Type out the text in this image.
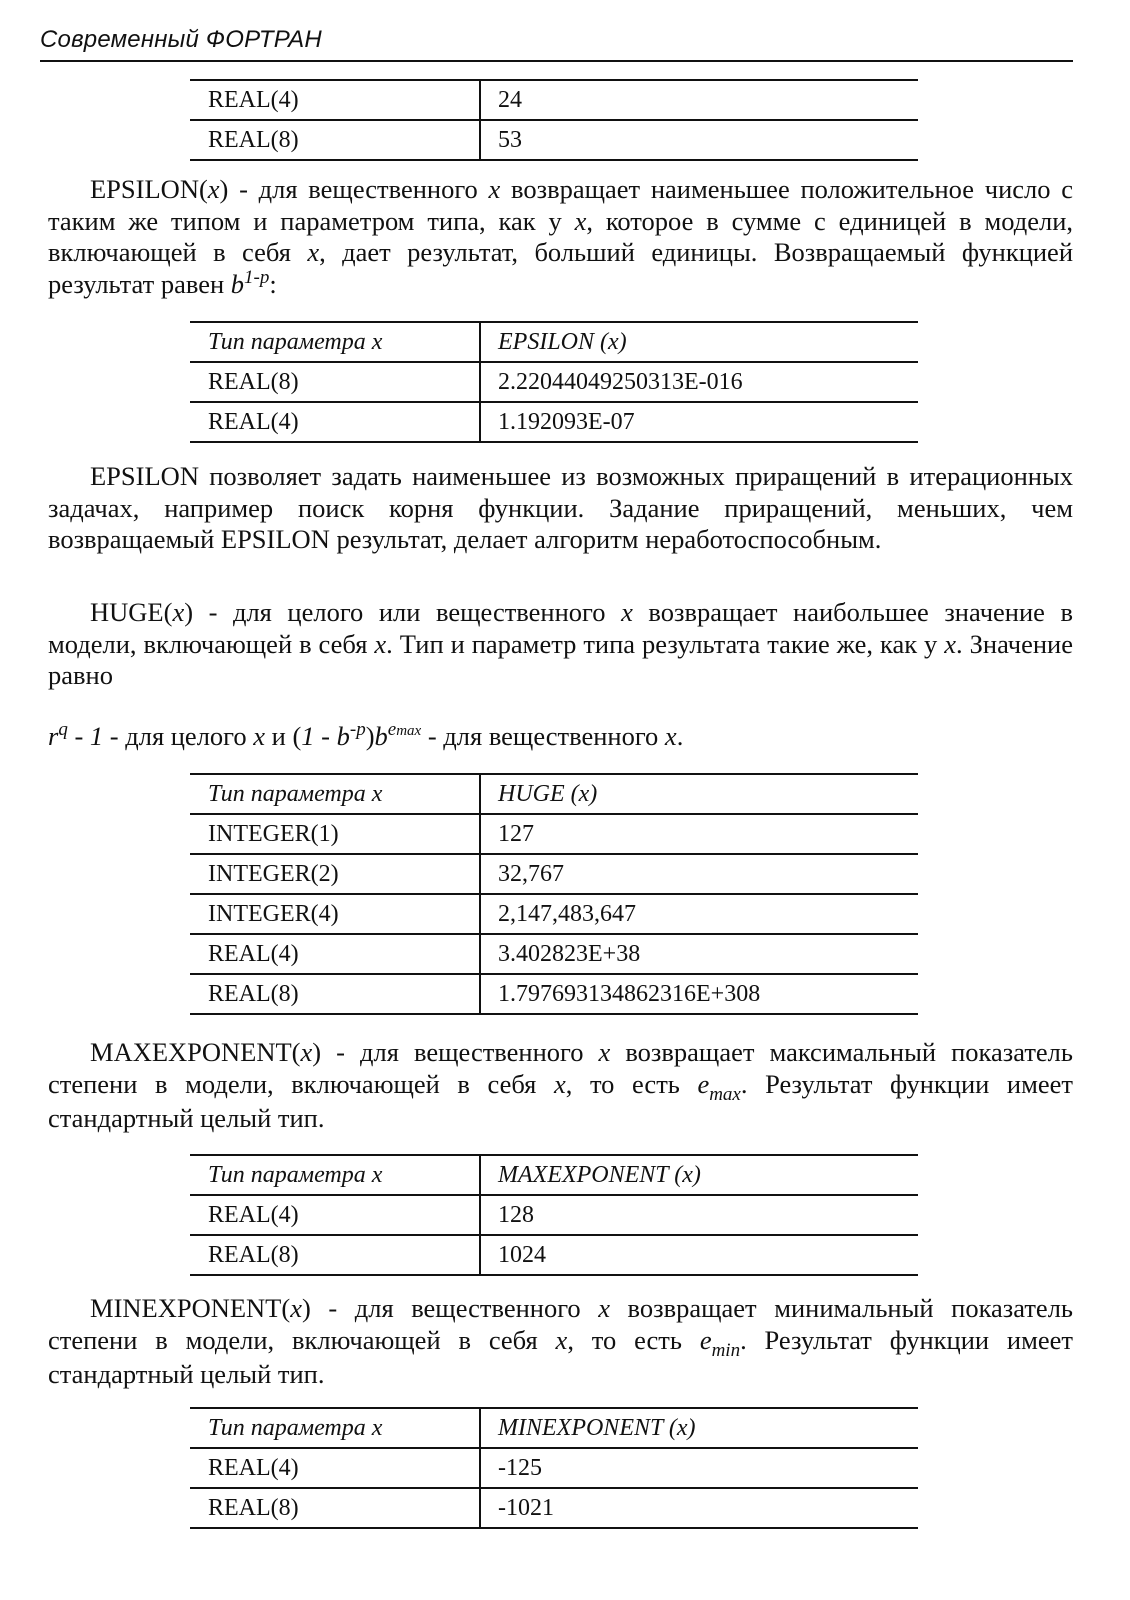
Современный ФОРТРАН
REAL(4)	24
REAL(8)	53
EPSILON(x) - для вещественного x возвращает наименьшее положительное число с таким же типом и параметром типа, как у x, которое в сумме с единицей в модели, включающей в себя x, дает результат, больший единицы. Возвращаемый функцией результат равен $b^{1-p}$:
Тип параметра x	EPSILON (x)
REAL(8)	2.22044049250313E-016
REAL(4)	1.192093E-07
EPSILON позволяет задать наименьшее из возможных приращений в итерационных задачах, например поиск корня функции. Задание приращений, меньших, чем возвращаемый EPSILON результат, делает алгоритм неработоспособным.
HUGE(x) - для целого или вещественного x возвращает наибольшее значение в модели, включающей в себя x. Тип и параметр типа результата такие же, как у x. Значение равно
$r^q - 1$ - для целого x и $(1 - b^{-p})b^{emax}$ - для вещественного x.
Тип параметра x	HUGE (x)
INTEGER(1)	127
INTEGER(2)	32,767
INTEGER(4)	2,147,483,647
REAL(4)	3.402823E+38
REAL(8)	1.797693134862316E+308
MAXEXPONENT(x) - для вещественного x возвращает максимальный показатель степени в модели, включающей в себя x, то есть $e_{max}$. Результат функции имеет стандартный целый тип.
Тип параметра x	MAXEXPONENT (x)
REAL(4)	128
REAL(8)	1024
MINEXPONENT(x) - для вещественного x возвращает минимальный показатель степени в модели, включающей в себя x, то есть $e_{min}$. Результат функции имеет стандартный целый тип.
Тип параметра x	MINEXPONENT (x)
REAL(4)	-125
REAL(8)	-1021
